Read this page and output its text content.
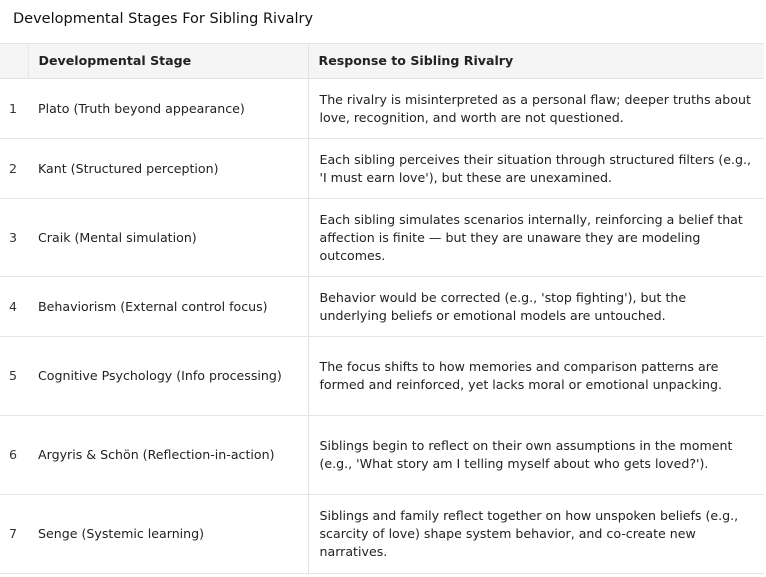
Developmental Stages For Sibling Rivalry
	Developmental Stage	Response to Sibling Rivalry
1	Plato (Truth beyond appearance)	The rivalry is misinterpreted as a personal flaw; deeper truths about love, recognition, and worth are not questioned.
2	Kant (Structured perception)	Each sibling perceives their situation through structured filters (e.g., 'I must earn love'), but these are unexamined.
3	Craik (Mental simulation)	Each sibling simulates scenarios internally, reinforcing a belief that affection is finite — but they are unaware they are modeling outcomes.
4	Behaviorism (External control focus)	Behavior would be corrected (e.g., 'stop fighting'), but the underlying beliefs or emotional models are untouched.
5	Cognitive Psychology (Info processing)	The focus shifts to how memories and comparison patterns are formed and reinforced, yet lacks moral or emotional unpacking.
6	Argyris & Schön (Reflection-in-action)	Siblings begin to reflect on their own assumptions in the moment (e.g., 'What story am I telling myself about who gets loved?').
7	Senge (Systemic learning)	Siblings and family reflect together on how unspoken beliefs (e.g., scarcity of love) shape system behavior, and co-create new narratives.
